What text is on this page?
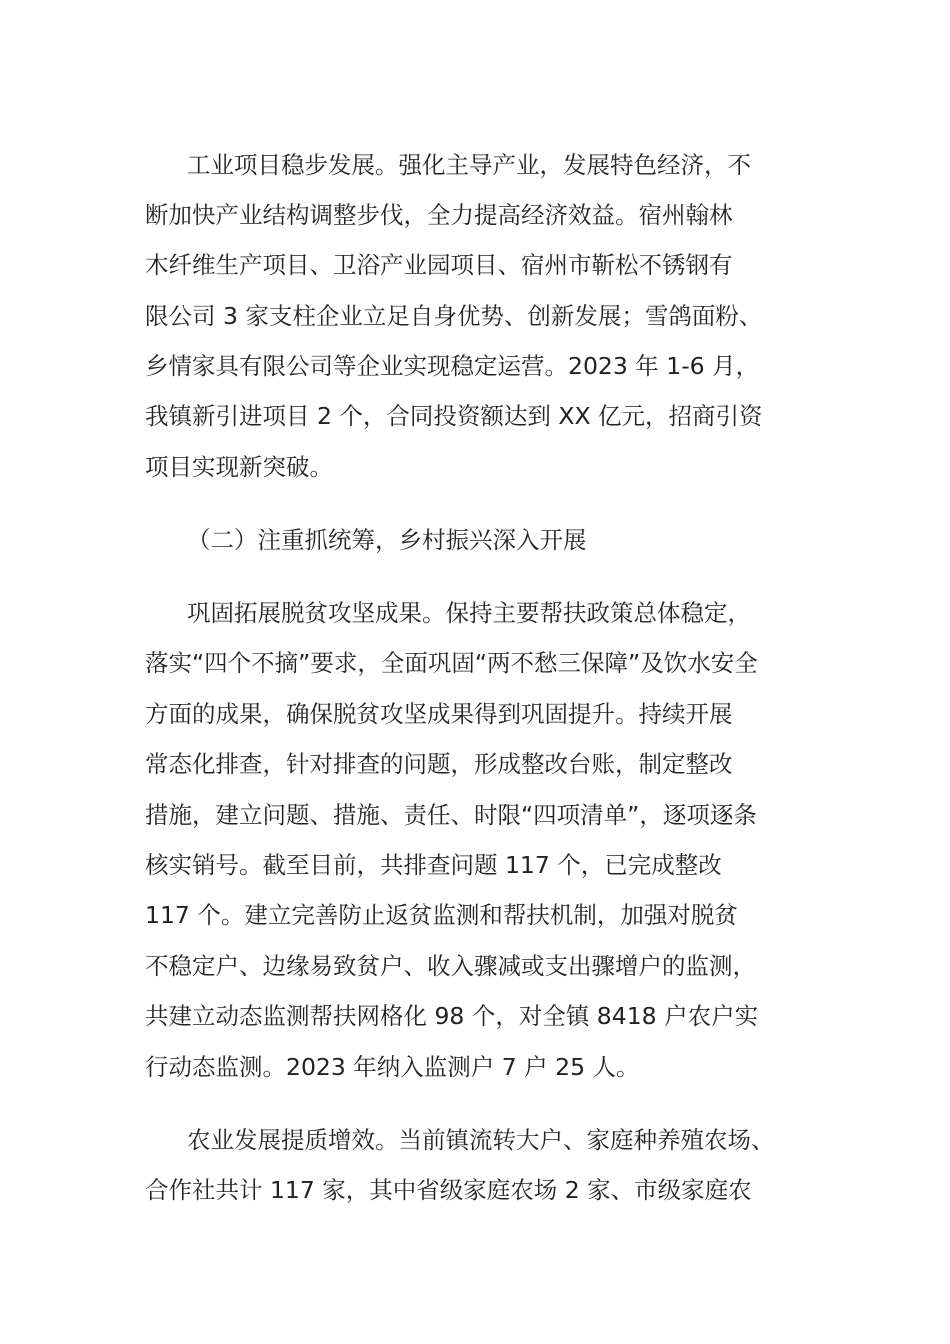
工业项目稳步发展。强化主导产业，发展特色经济，不

断加快产业结构调整步伐，全力提高经济效益。宿州翰林

木纤维生产项目、卫浴产业园项目、宿州市靳松不锈钢有

限公司 3 家支柱企业立足自身优势、创新发展；雪鸽面粉、

乡情家具有限公司等企业实现稳定运营。2023 年 1-6 月，

我镇新引进项目 2 个，合同投资额达到 XX 亿元，招商引资

项目实现新突破。

（二）注重抓统筹，乡村振兴深入开展

巩固拓展脱贫攻坚成果。保持主要帮扶政策总体稳定，

落实“四个不摘”要求，全面巩固“两不愁三保障”及饮水安全

方面的成果，确保脱贫攻坚成果得到巩固提升。持续开展

常态化排查，针对排查的问题，形成整改台账，制定整改

措施，建立问题、措施、责任、时限“四项清单”，逐项逐条

核实销号。截至目前，共排查问题 117 个，已完成整改

117 个。建立完善防止返贫监测和帮扶机制，加强对脱贫

不稳定户、边缘易致贫户、收入骤减或支出骤增户的监测，

共建立动态监测帮扶网格化 98 个，对全镇 8418 户农户实

行动态监测。2023 年纳入监测户 7 户 25 人。

农业发展提质增效。当前镇流转大户、家庭种养殖农场、

合作社共计 117 家，其中省级家庭农场 2 家、市级家庭农
